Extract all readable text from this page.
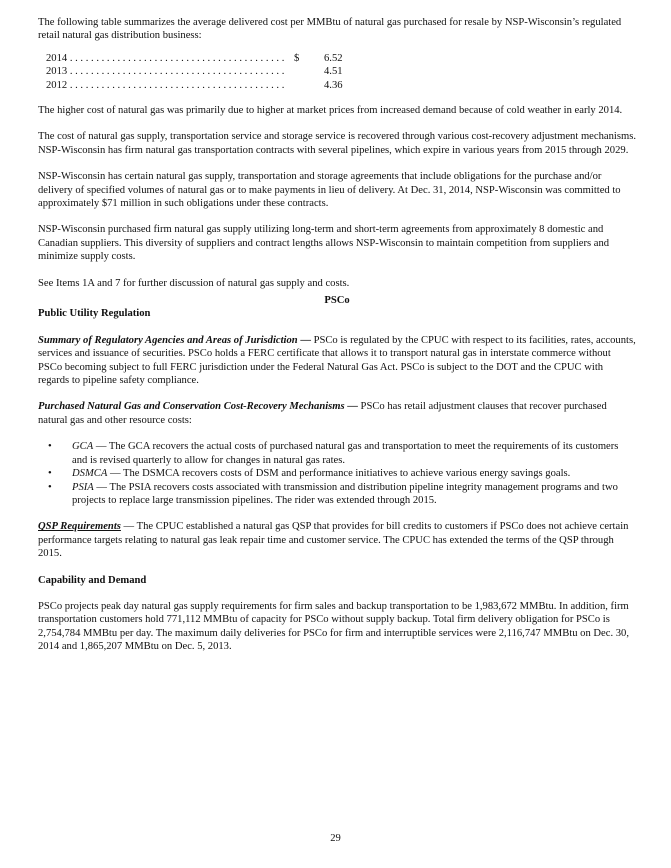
The following table summarizes the average delivered cost per MMBtu of natural gas purchased for resale by NSP-Wisconsin’s regulated retail natural gas distribution business:

2014 . . . . . . . . . . . . . . . . . . . . . . . . . . . . . . . . . . . . . . . . . $	6.52
2013 . . . . . . . . . . . . . . . . . . . . . . . . . . . . . . . . . . . . . . . . .	4.51
2012 . . . . . . . . . . . . . . . . . . . . . . . . . . . . . . . . . . . . . . . . .	4.36

The higher cost of natural gas was primarily due to higher at market prices from increased demand because of cold weather in early 2014.

The cost of natural gas supply, transportation service and storage service is recovered through various cost-recovery adjustment mechanisms. NSP-Wisconsin has firm natural gas transportation contracts with several pipelines, which expire in various years from 2015 through 2029.

NSP-Wisconsin has certain natural gas supply, transportation and storage agreements that include obligations for the purchase and/or delivery of specified volumes of natural gas or to make payments in lieu of delivery. At Dec. 31, 2014, NSP-Wisconsin was committed to approximately $71 million in such obligations under these contracts.

NSP-Wisconsin purchased firm natural gas supply utilizing long-term and short-term agreements from approximately 8 domestic and Canadian suppliers. This diversity of suppliers and contract lengths allows NSP-Wisconsin to maintain competition from suppliers and minimize supply costs.

See Items 1A and 7 for further discussion of natural gas supply and costs.

PSCo

Public Utility Regulation

Summary of Regulatory Agencies and Areas of Jurisdiction — PSCo is regulated by the CPUC with respect to its facilities, rates, accounts, services and issuance of securities. PSCo holds a FERC certificate that allows it to transport natural gas in interstate commerce without PSCo becoming subject to full FERC jurisdiction under the Federal Natural Gas Act. PSCo is subject to the DOT and the CPUC with regards to pipeline safety compliance.

Purchased Natural Gas and Conservation Cost-Recovery Mechanisms — PSCo has retail adjustment clauses that recover purchased natural gas and other resource costs:

• GCA — The GCA recovers the actual costs of purchased natural gas and transportation to meet the requirements of its customers and is revised quarterly to allow for changes in natural gas rates.
• DSMCA — The DSMCA recovers costs of DSM and performance initiatives to achieve various energy savings goals.
• PSIA — The PSIA recovers costs associated with transmission and distribution pipeline integrity management programs and two projects to replace large transmission pipelines. The rider was extended through 2015.

QSP Requirements — The CPUC established a natural gas QSP that provides for bill credits to customers if PSCo does not achieve certain performance targets relating to natural gas leak repair time and customer service. The CPUC has extended the terms of the QSP through 2015.

Capability and Demand

PSCo projects peak day natural gas supply requirements for firm sales and backup transportation to be 1,983,672 MMBtu. In addition, firm transportation customers hold 771,112 MMBtu of capacity for PSCo without supply backup. Total firm delivery obligation for PSCo is 2,754,784 MMBtu per day. The maximum daily deliveries for PSCo for firm and interruptible services were 2,116,747 MMBtu on Dec. 30, 2014 and 1,865,207 MMBtu on Dec. 5, 2013.

29
